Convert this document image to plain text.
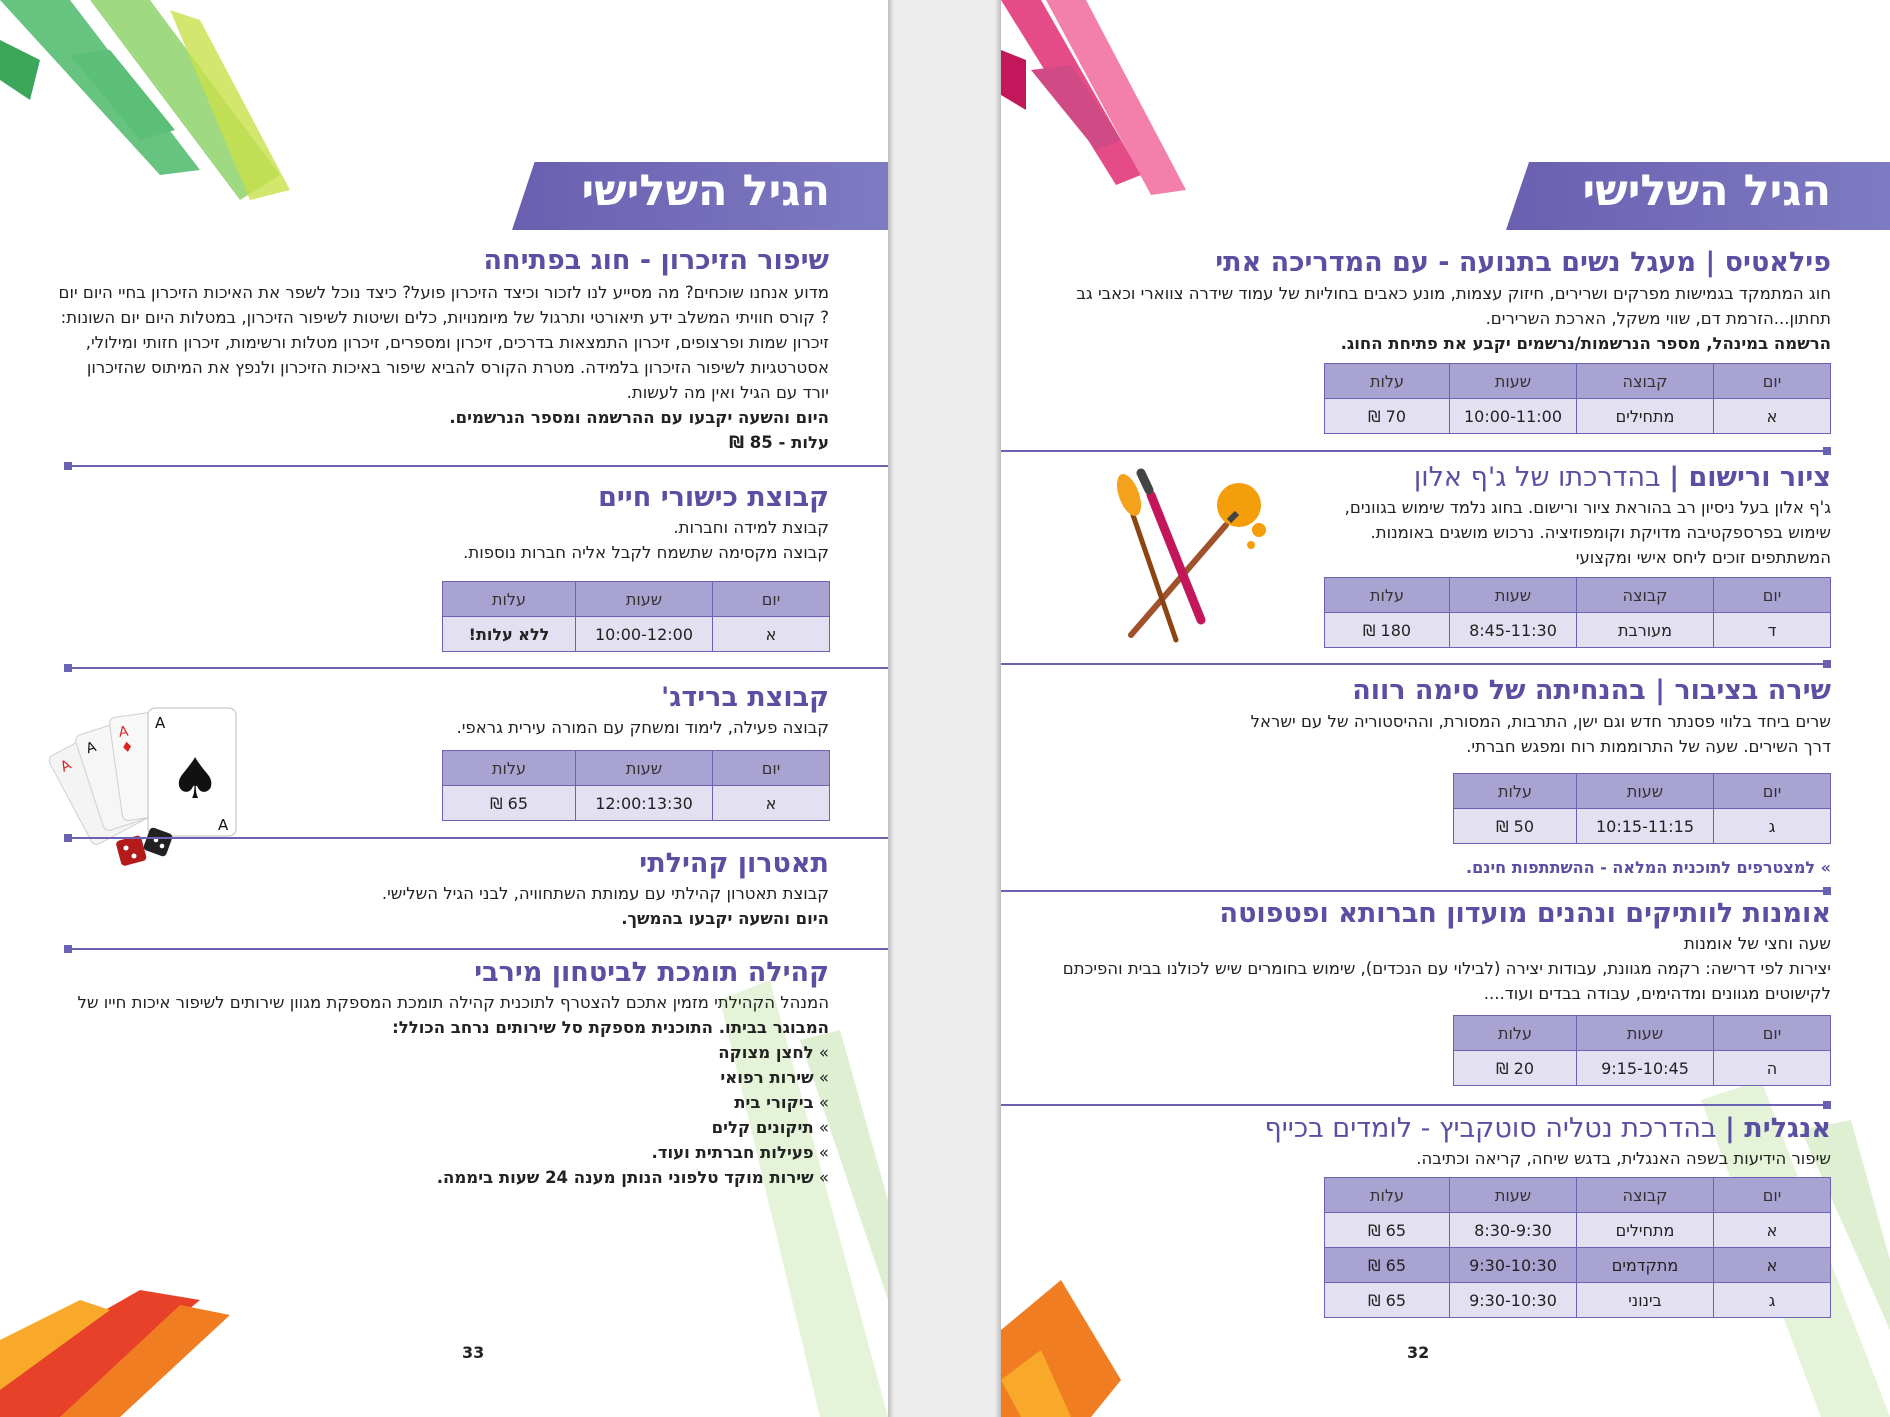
הגיל השלישי
שיפור הזיכרון - חוג בפתיחה
מדוע אנחנו שוכחים? מה מסייע לנו לזכור וכיצד הזיכרון פועל? כיצד נוכל לשפר את האיכות הזיכרון בחיי היום יום
? קורס חוויתי המשלב ידע תיאורטי ותרגול של מיומנויות, כלים ושיטות לשיפור הזיכרון, במטלות היום יום השונות:
זיכרון שמות ופרצופים, זיכרון התמצאות בדרכים, זיכרון ומספרים, זיכרון מטלות ורשימות, זיכרון חזותי ומילולי,
אסטרטגיות לשיפור הזיכרון בלמידה. מטרת הקורס להביא שיפור באיכות הזיכרון ולנפץ את המיתוס שהזיכרון
יורד עם הגיל ואין מה לעשות.
היום והשעה יקבעו עם ההרשמה ומספר הנרשמים.
עלות - 85 ₪
קבוצת כישורי חיים
קבוצת למידה וחברות.
קבוצה מקסימה שתשמח לקבל אליה חברות נוספות.
יום	שעות	עלות
א	10:00-12:00	ללא עלות!
קבוצת ברידג'
קבוצה פעילה, לימוד ומשחק עם המורה עירית גראפי.
יום	שעות	עלות
א	12:00:13:30	65 ₪
A
A
A
♦
A
♠
A
תאטרון קהילתי
קבוצת תאטרון קהילתי עם עמותת השתחוויה, לבני הגיל השלישי.
היום והשעה יקבעו בהמשך.
קהילה תומכת לביטחון מירבי
המנהל הקהילתי מזמין אתכם להצטרף לתוכנית קהילה תומכת המספקת מגוון שירותים לשיפור איכות חייו של
המבוגר בביתו. התוכנית מספקת סל שירותים נרחב הכולל:
» לחצן מצוקה
» שירות רפואי
» ביקורי בית
» תיקונים קלים
» פעילות חברתית ועוד.
» שירות מוקד טלפוני הנותן מענה 24 שעות ביממה.
33
הגיל השלישי
פילאטיס | מעגל נשים בתנועה - עם המדריכה אתי
חוג המתמקד בגמישות מפרקים ושרירים, חיזוק עצמות, מונע כאבים בחוליות של עמוד שידרה צווארי וכאבי גב
תחתון...הזרמת דם, שווי משקל, הארכת השרירים.
הרשמה במינהל, מספר הנרשמות/נרשמים יקבע את פתיחת החוג.
יום	קבוצה	שעות	עלות
א	מתחילים	10:00-11:00	70 ₪
ציור ורישום | בהדרכתו של ג'ף אלון
ג'ף אלון בעל ניסיון רב בהוראת ציור ורישום. בחוג נלמד שימוש בגוונים,
שימוש בפרספקטיבה מדויקת וקומפוזיציה. נרכוש מושגים באומנות.
המשתתפים זוכים ליחס אישי ומקצועי
יום	קבוצה	שעות	עלות
ד	מעורבת	8:45-11:30	180 ₪
שירה בציבור | בהנחיתה של סימה רווה
שרים ביחד בלווי פסנתר חדש וגם ישן, התרבות, המסורת, וההיסטוריה של עם ישראל
דרך השירים. שעה של התרוממות רוח ומפגש חברתי.
יום	שעות	עלות
ג	10:15-11:15	50 ₪
» למצטרפים לתוכנית המלאה - ההשתתפות חינם.
אומנות לוותיקים ונהנים מועדון חברותא ופטפוטה
שעה וחצי של אומנות
יצירות לפי דרישה: רקמה מגוונת, עבודות יצירה (לבילוי עם הנכדים), שימוש בחומרים שיש לכולנו בבית והפיכתם
לקישוטים מגוונים ומדהימים, עבודה בבדים ועוד....
יום	שעות	עלות
ה	9:15-10:45	20 ₪
אנגלית | בהדרכת נטליה סוטקביץ - לומדים בכייף
שיפור הידיעות בשפה האנגלית, בדגש שיחה, קריאה וכתיבה.
יום	קבוצה	שעות	עלות
א	מתחילים	8:30-9:30	65 ₪
א	מתקדמים	9:30-10:30	65 ₪
ג	בינוני	9:30-10:30	65 ₪
32
